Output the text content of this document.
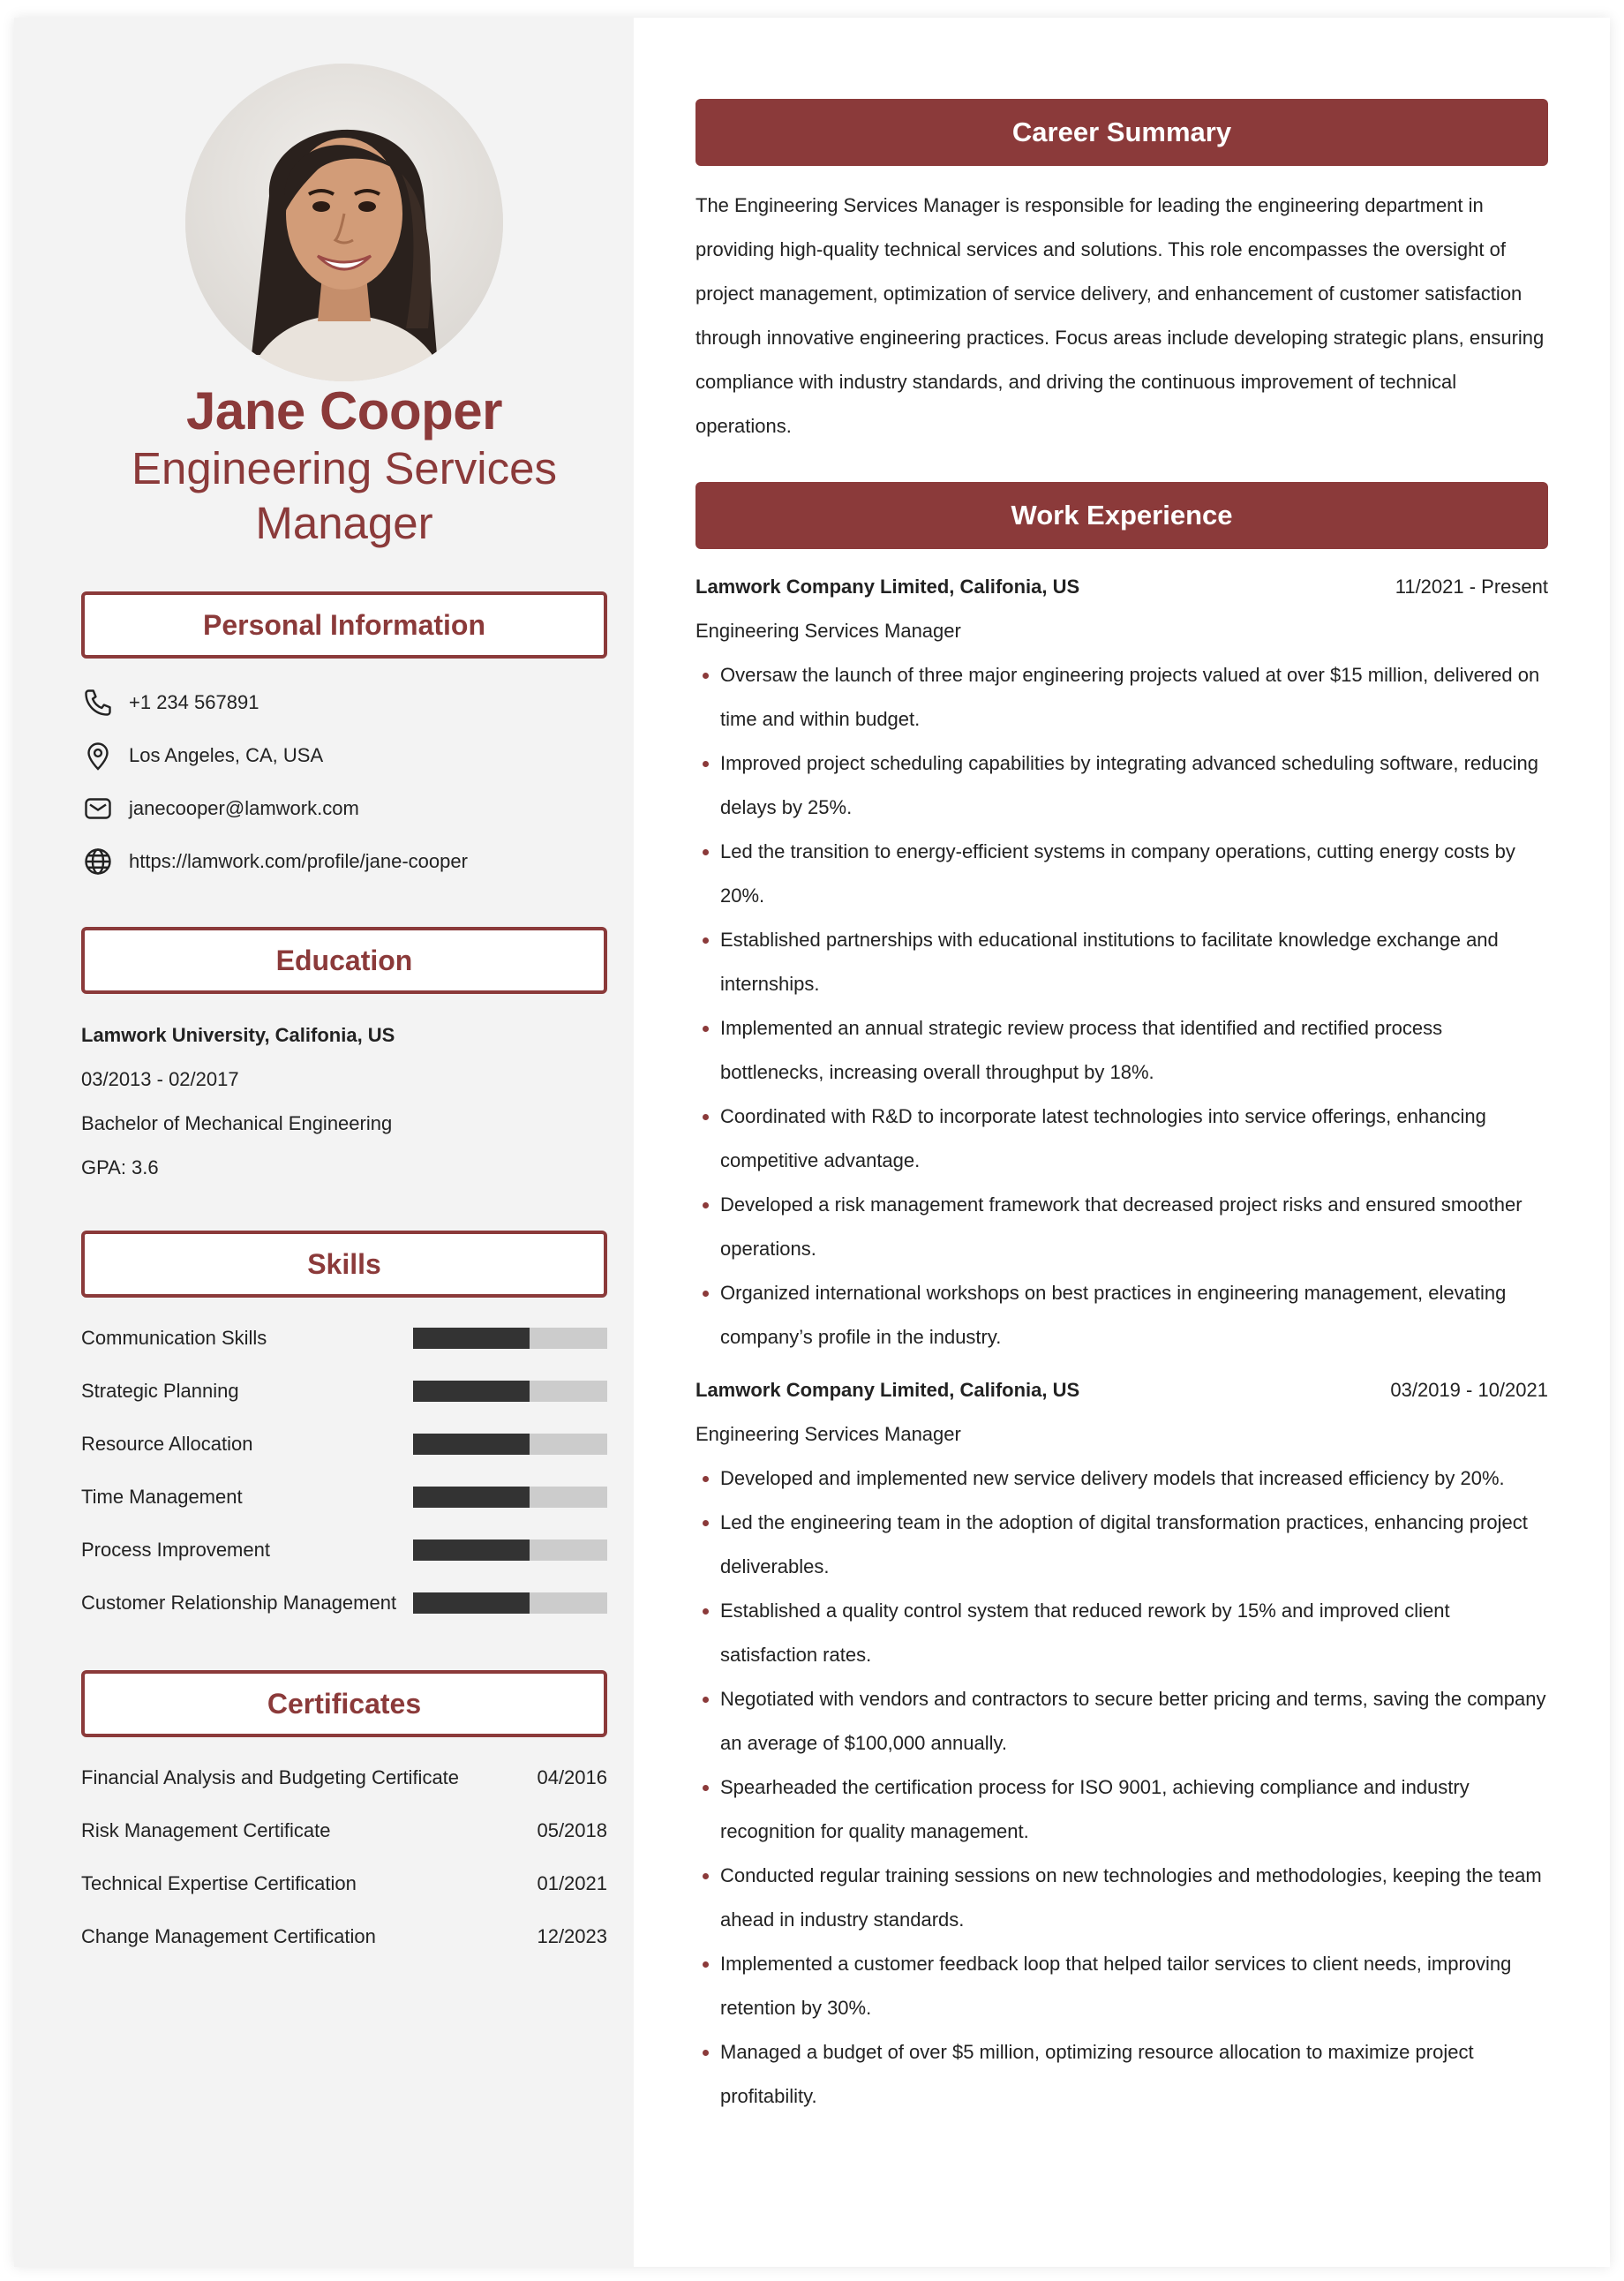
Jane Cooper
Engineering Services Manager
Personal Information
+1 234 567891
Los Angeles, CA, USA
janecooper@lamwork.com
https://lamwork.com/profile/jane-cooper
Education
Lamwork University, Califonia, US
03/2013 - 02/2017
Bachelor of Mechanical Engineering
GPA: 3.6
Skills
Communication Skills
Strategic Planning
Resource Allocation
Time Management
Process Improvement
Customer Relationship Management
Certificates
Financial Analysis and Budgeting Certificate	04/2016
Risk Management Certificate	05/2018
Technical Expertise Certification	01/2021
Change Management Certification	12/2023
Career Summary

The Engineering Services Manager is responsible for leading the engineering department in providing high-quality technical services and solutions. This role encompasses the oversight of project management, optimization of service delivery, and enhancement of customer satisfaction through innovative engineering practices. Focus areas include developing strategic plans, ensuring compliance with industry standards, and driving the continuous improvement of technical operations.

Work Experience
Lamwork Company Limited, Califonia, US	11/2021 - Present
Engineering Services Manager
Oversaw the launch of three major engineering projects valued at over $15 million, delivered on time and within budget.
Improved project scheduling capabilities by integrating advanced scheduling software, reducing delays by 25%.
Led the transition to energy-efficient systems in company operations, cutting energy costs by 20%.
Established partnerships with educational institutions to facilitate knowledge exchange and internships.
Implemented an annual strategic review process that identified and rectified process bottlenecks, increasing overall throughput by 18%.
Coordinated with R&D to incorporate latest technologies into service offerings, enhancing competitive advantage.
Developed a risk management framework that decreased project risks and ensured smoother operations.
Organized international workshops on best practices in engineering management, elevating company’s profile in the industry.
Lamwork Company Limited, Califonia, US	03/2019 - 10/2021
Engineering Services Manager
Developed and implemented new service delivery models that increased efficiency by 20%.
Led the engineering team in the adoption of digital transformation practices, enhancing project deliverables.
Established a quality control system that reduced rework by 15% and improved client satisfaction rates.
Negotiated with vendors and contractors to secure better pricing and terms, saving the company an average of $100,000 annually.
Spearheaded the certification process for ISO 9001, achieving compliance and industry recognition for quality management.
Conducted regular training sessions on new technologies and methodologies, keeping the team ahead in industry standards.
Implemented a customer feedback loop that helped tailor services to client needs, improving retention by 30%.
Managed a budget of over $5 million, optimizing resource allocation to maximize project profitability.
